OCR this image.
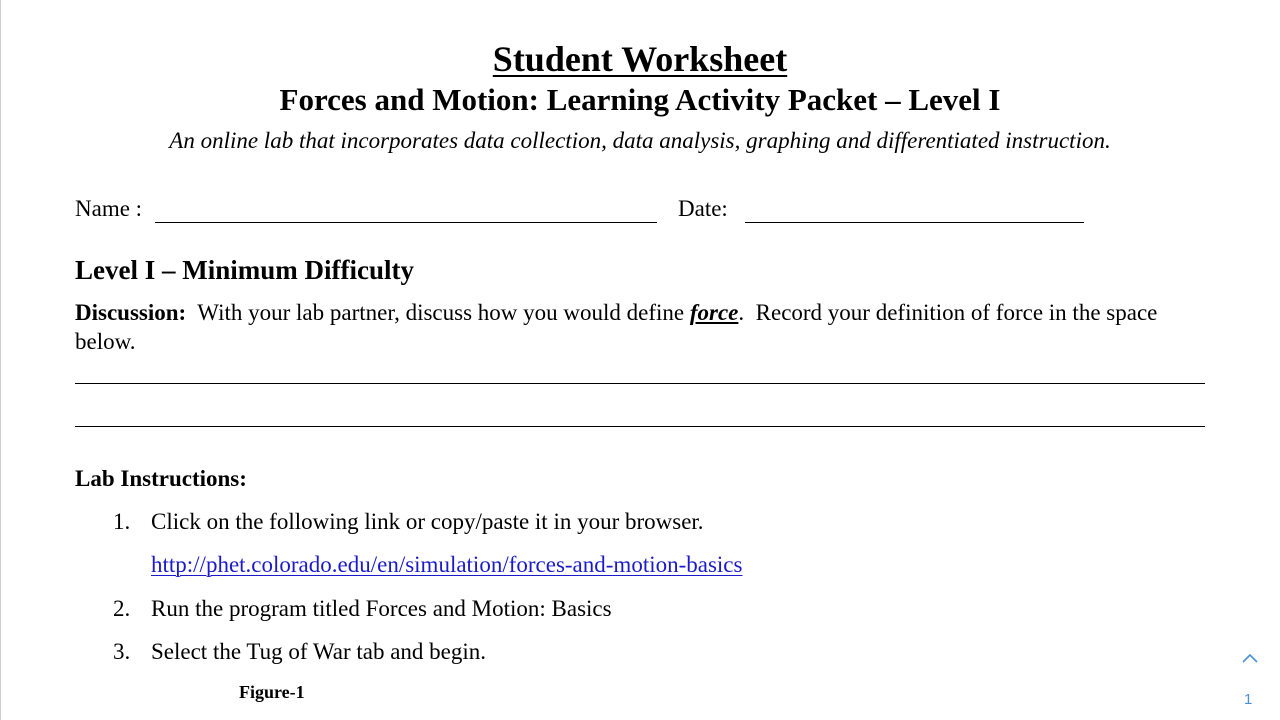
Student Worksheet
Forces and Motion: Learning Activity Packet – Level I
An online lab that incorporates data collection, data analysis, graphing and differentiated instruction.
Name :	Date:
Level I – Minimum Difficulty
Discussion:  With your lab partner, discuss how you would define force.  Record your definition of force in the space below.
Lab Instructions:
1. Click on the following link or copy/paste it in your browser.
http://phet.colorado.edu/en/simulation/forces-and-motion-basics
2. Run the program titled Forces and Motion: Basics
3. Select the Tug of War tab and begin.
Figure-1	1
